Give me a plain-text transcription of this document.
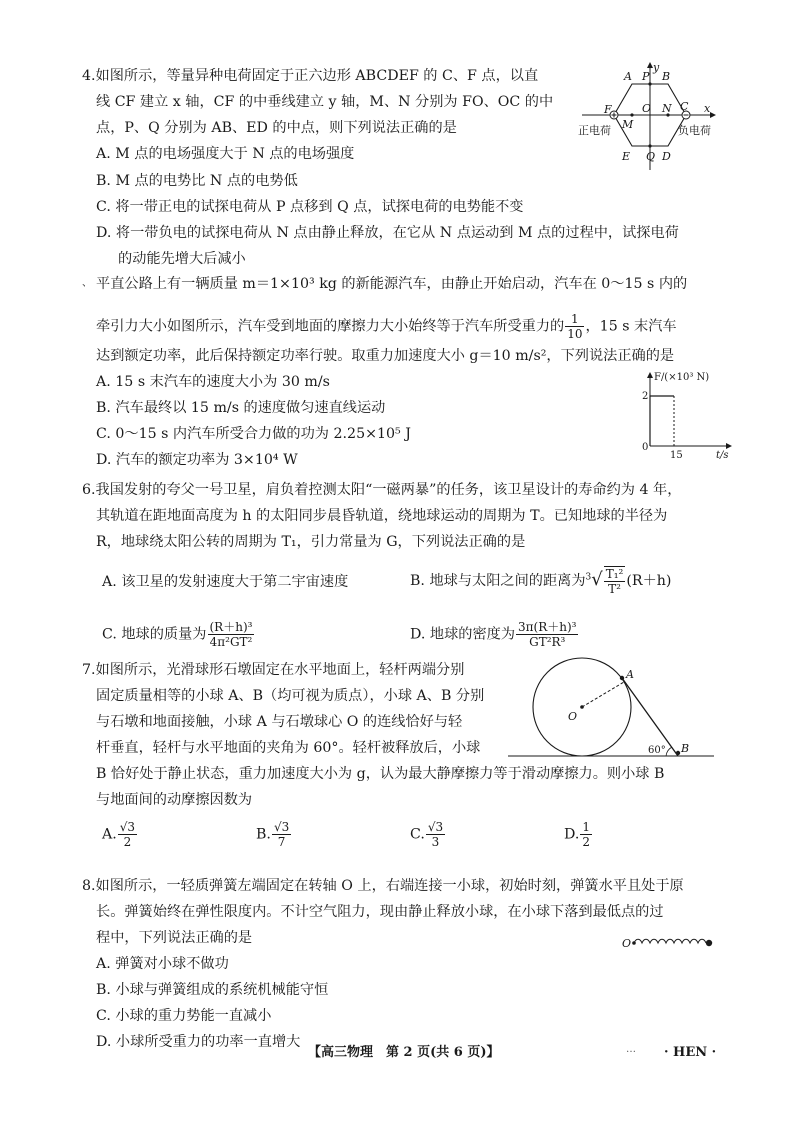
4.如图所示，等量异种电荷固定于正六边形 ABCDEF 的 C、F 点，以直
线 CF 建立 x 轴，CF 的中垂线建立 y 轴，M、N 分别为 FO、OC 的中
点，P、Q 分别为 AB、ED 的中点，则下列说法正确的是
A. M 点的电场强度大于 N 点的电场强度
B. M 点的电势比 N 点的电势低
C. 将一带正电的试探电荷从 P 点移到 Q 点，试探电荷的电势能不变
D. 将一带负电的试探电荷从 N 点由静止释放，在它从 N 点运动到 M 点的过程中，试探电荷
的动能先增大后减小
y
x
A P B
F
M
O N C
E Q D
正电荷	负电荷
、 平直公路上有一辆质量 m＝1×10³ kg 的新能源汽车，由静止开始启动，汽车在 0～15 s 内的
牵引力大小如图所示，汽车受到地面的摩擦力大小始终等于汽车所受重力的 $\frac{1}{10}$ ，15 s 末汽车
达到额定功率，此后保持额定功率行驶。取重力加速度大小 g＝10 m/s²，下列说法正确的是
A. 15 s 末汽车的速度大小为 30 m/s
B. 汽车最终以 15 m/s 的速度做匀速直线运动
C. 0～15 s 内汽车所受合力做的功为 2.25×10⁵ J
D. 汽车的额定功率为 3×10⁴ W
F/(×10³ N)
t/s
2
0
15
6.我国发射的夸父一号卫星，肩负着控测太阳“一磁两暴”的任务，该卫星设计的寿命约为 4 年，
其轨道在距地面高度为 h 的太阳同步晨昏轨道，绕地球运动的周期为 T。已知地球的半径为
R，地球绕太阳公转的周期为 T₁，引力常量为 G，下列说法正确的是
A. 该卫星的发射速度大于第二宇宙速度	B. 地球与太阳之间的距离为$^3√ \frac{\text{T₁²}}{\text{T²}} (R+h)$
C. 地球的质量为 $\frac{\text{(R＋h)³}}{\text{4π²GT²}}$	D. 地球的密度为 $\frac{\text{3π(R＋h)³}}{\text{GT²R³}}$
7.如图所示，光滑球形石墩固定在水平地面上，轻杆两端分别
固定质量相等的小球 A、B（均可视为质点），小球 A、B 分别
与石墩和地面接触，小球 A 与石墩球心 O 的连线恰好与轻
杆垂直，轻杆与水平地面的夹角为 60°。轻杆被释放后，小球
B 恰好处于静止状态，重力加速度大小为 g，认为最大静摩擦力等于滑动摩擦力。则小球 B
与地面间的动摩擦因数为
A. $\frac{√3}{2}$	B. $\frac{√3}{7}$	C. $\frac{√3}{3}$	D. $\frac{1}{2}$
A
B
O
60°
8.如图所示，一轻质弹簧左端固定在转轴 O 上，右端连接一小球，初始时刻，弹簧水平且处于原
长。弹簧始终在弹性限度内。不计空气阻力，现由静止释放小球，在小球下落到最低点的过
程中，下列说法正确的是
A. 弹簧对小球不做功
B. 小球与弹簧组成的系统机械能守恒
C. 小球的重力势能一直减小
D. 小球所受重力的功率一直增大
O
【高三物理　第 2 页(共 6 页)】	… · HEN ·
